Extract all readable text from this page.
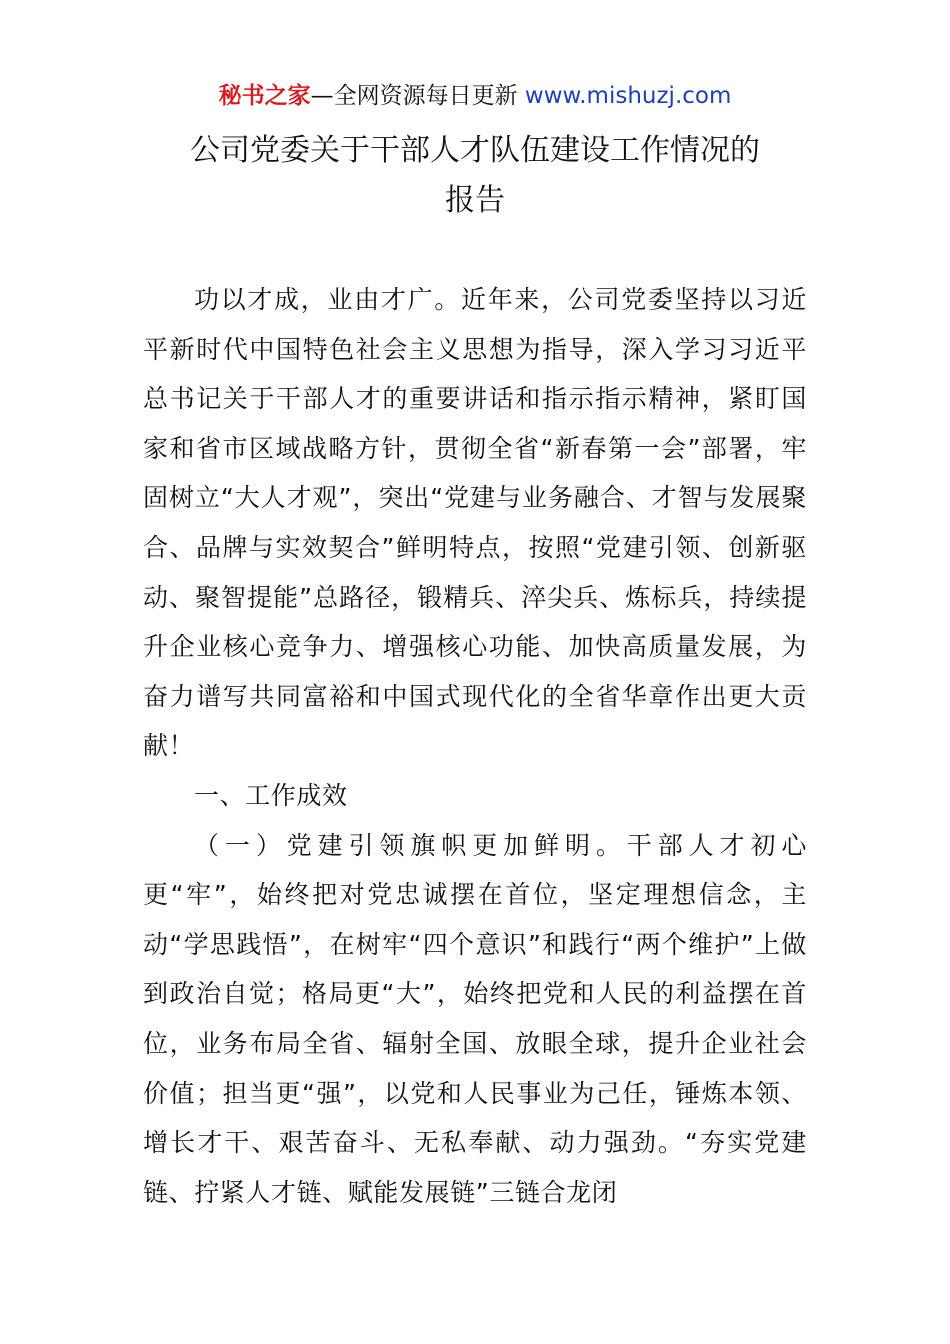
秘书之家—全网资源每日更新 www.mishuzj.com
公司党委关于干部人才队伍建设工作情况的
报告

功以才成，业由才广。近年来，公司党委坚持以习近平新时代中国特色社会主义思想为指导，深入学习习近平总书记关于干部人才的重要讲话和指示指示精神，紧盯国家和省市区域战略方针，贯彻全省“新春第一会”部署，牢固树立“大人才观”，突出“党建与业务融合、才智与发展聚合、品牌与实效契合”鲜明特点，按照“党建引领、创新驱动、聚智提能”总路径，锻精兵、淬尖兵、炼标兵，持续提升企业核心竞争力、增强核心功能、加快高质量发展，为奋力谱写共同富裕和中国式现代化的全省华章作出更大贡献！

一、工作成效

（一）党建引领旗帜更加鲜明。干部人才初心更“牢”，始终把对党忠诚摆在首位，坚定理想信念，主动“学思践悟”，在树牢“四个意识”和践行“两个维护”上做到政治自觉；格局更“大”，始终把党和人民的利益摆在首位，业务布局全省、辐射全国、放眼全球，提升企业社会价值；担当更“强”，以党和人民事业为己任，锤炼本领、增长才干、艰苦奋斗、无私奉献、动力强劲。“夯实党建链、拧紧人才链、赋能发展链”三链合龙闭
